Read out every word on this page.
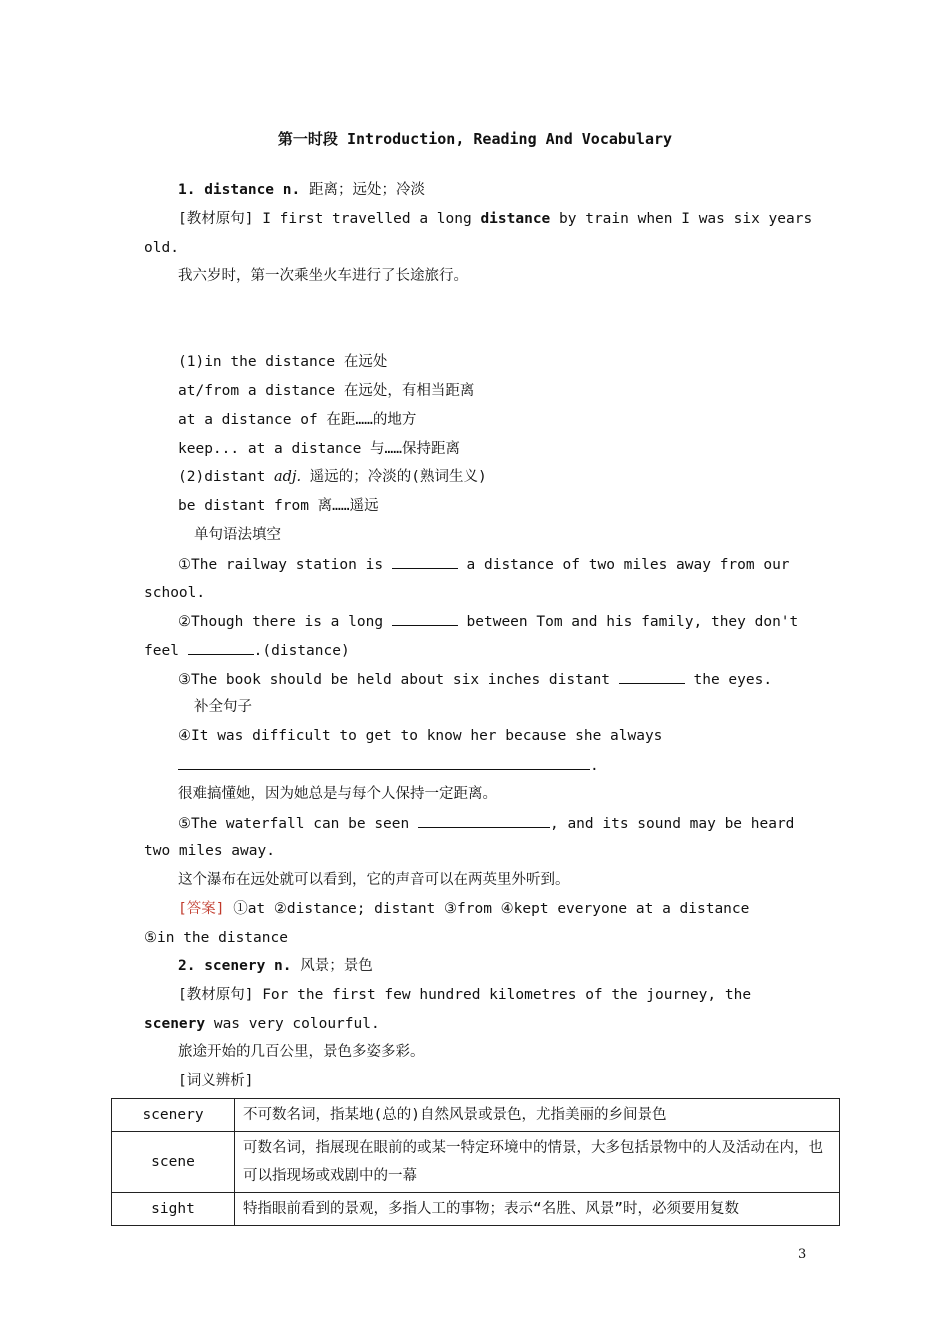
第一时段 Introduction, Reading And Vocabulary
1. distance n. 距离；远处；冷淡
[教材原句] I first travelled a long distance by train when I was six years
old.
我六岁时，第一次乘坐火车进行了长途旅行。
(1)in the distance 在远处
at/from a distance 在远处，有相当距离
at a distance of 在距……的地方
keep... at a distance 与……保持距离
(2)distant adj. 遥远的；冷淡的(熟词生义)
be distant from 离……遥远
单句语法填空
①The railway station is	a distance of two miles away from our
school.
②Though there is a long	between Tom and his family, they don't
feel	.(distance)
③The book should be held about six inches distant	the eyes.
补全句子
④It was difficult to get to know her because she always
.
很难搞懂她，因为她总是与每个人保持一定距离。
⑤The waterfall can be seen	, and its sound may be heard
two miles away.
这个瀑布在远处就可以看到，它的声音可以在两英里外听到。
[答案] ①at ②distance; distant ③from ④kept everyone at a distance
⑤in the distance
2. scenery n. 风景；景色
[教材原句] For the first few hundred kilometres of the journey, the
scenery was very colourful.
旅途开始的几百公里，景色多姿多彩。
[词义辨析]
scenery	不可数名词，指某地(总的)自然风景或景色，尤指美丽的乡间景色
scene	可数名词，指展现在眼前的或某一特定环境中的情景，大多包括景物中的人及活动在内，也可以指现场或戏剧中的一幕
sight	特指眼前看到的景观，多指人工的事物；表示“名胜、风景”时，必须要用复数
3
